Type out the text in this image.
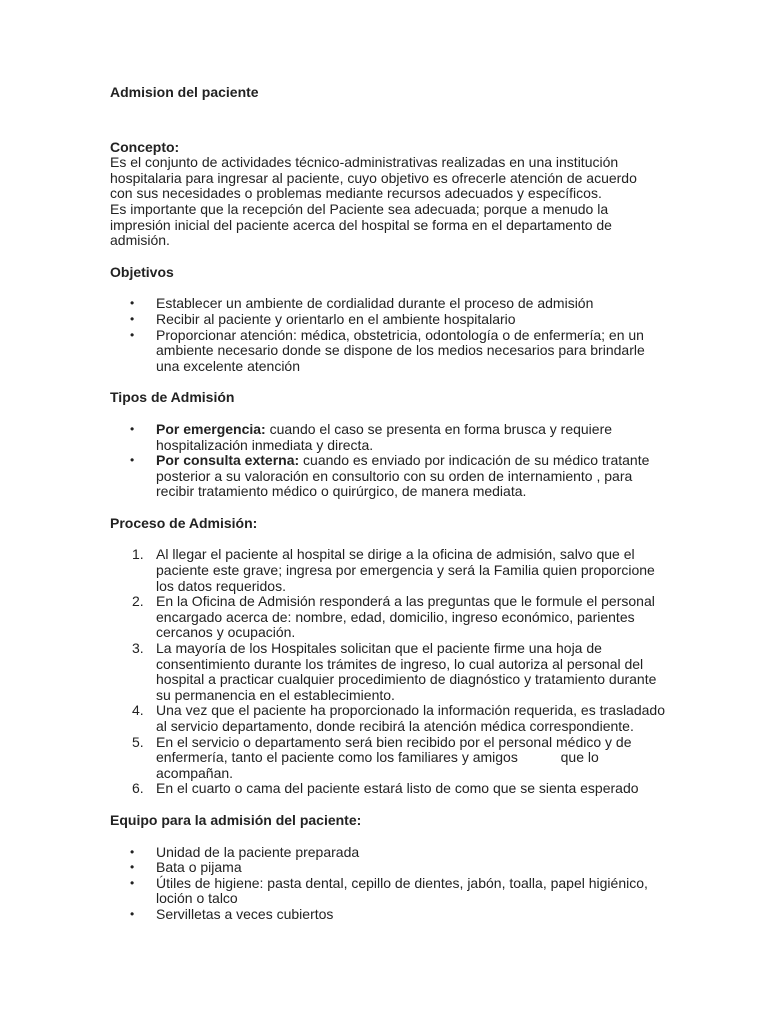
Admision del paciente

Concepto:
Es el conjunto de actividades técnico-administrativas realizadas en una institución
hospitalaria para ingresar al paciente, cuyo objetivo es ofrecerle atención de acuerdo
con sus necesidades o problemas mediante recursos adecuados y específicos.
Es importante que la recepción del Paciente sea adecuada; porque a menudo la
impresión inicial del paciente acerca del hospital se forma en el departamento de
admisión.
Objetivos
• Establecer un ambiente de cordialidad durante el proceso de admisión
• Recibir al paciente y orientarlo en el ambiente hospitalario
• Proporcionar atención: médica, obstetricia, odontología o de enfermería; en un ambiente necesario donde se dispone de los medios necesarios para brindarle una excelente atención
Tipos de Admisión
• Por emergencia: cuando el caso se presenta en forma brusca y requiere hospitalización inmediata y directa.
• Por consulta externa: cuando es enviado por indicación de su médico tratante posterior a su valoración en consultorio con su orden de internamiento , para recibir tratamiento médico o quirúrgico, de manera mediata.
Proceso de Admisión:
1. Al llegar el paciente al hospital se dirige a la oficina de admisión, salvo que el paciente este grave; ingresa por emergencia y será la Familia quien proporcione los datos requeridos.
2. En la Oficina de Admisión responderá a las preguntas que le formule el personal encargado acerca de: nombre, edad, domicilio, ingreso económico, parientes cercanos y ocupación.
3. La mayoría de los Hospitales solicitan que el paciente firme una hoja de consentimiento durante los trámites de ingreso, lo cual autoriza al personal del hospital a practicar cualquier procedimiento de diagnóstico y tratamiento durante su permanencia en el establecimiento.
4. Una vez que el paciente ha proporcionado la información requerida, es trasladado al servicio departamento, donde recibirá la atención médica correspondiente.
5. En el servicio o departamento será bien recibido por el personal médico y de enfermería, tanto el paciente como los familiares y amigos           que lo acompañan.
6. En el cuarto o cama del paciente estará listo de como que se sienta esperado
Equipo para la admisión del paciente:
• Unidad de la paciente preparada
• Bata o pijama
• Útiles de higiene: pasta dental, cepillo de dientes, jabón, toalla, papel higiénico, loción o talco
• Servilletas a veces cubiertos
